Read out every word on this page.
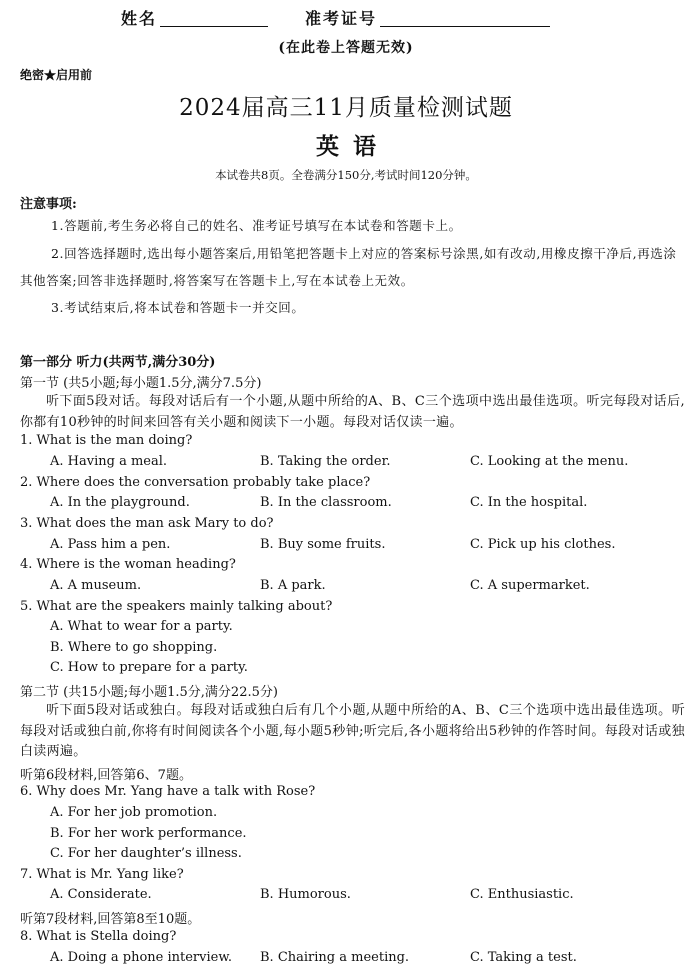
姓名	准考证号
(在此卷上答题无效)
绝密★启用前
2024届高三11月质量检测试题
英语
本试卷共8页。全卷满分150分,考试时间120分钟。
注意事项:
1.答题前,考生务必将自己的姓名、准考证号填写在本试卷和答题卡上。
2.回答选择题时,选出每小题答案后,用铅笔把答题卡上对应的答案标号涂黑,如有改动,用橡皮擦干净后,再选涂其他答案;回答非选择题时,将答案写在答题卡上,写在本试卷上无效。
3.考试结束后,将本试卷和答题卡一并交回。
第一部分 听力(共两节,满分30分)
第一节 (共5小题;每小题1.5分,满分7.5分)
听下面5段对话。每段对话后有一个小题,从题中所给的A、B、C三个选项中选出最佳选项。听完每段对话后,你都有10秒钟的时间来回答有关小题和阅读下一小题。每段对话仅读一遍。
1. What is the man doing?
A. Having a meal.	B. Taking the order.	C. Looking at the menu.
2. Where does the conversation probably take place?
A. In the playground.	B. In the classroom.	C. In the hospital.
3. What does the man ask Mary to do?
A. Pass him a pen.	B. Buy some fruits.	C. Pick up his clothes.
4. Where is the woman heading?
A. A museum.	B. A park.	C. A supermarket.
5. What are the speakers mainly talking about?
A. What to wear for a party.
B. Where to go shopping.
C. How to prepare for a party.
第二节 (共15小题;每小题1.5分,满分22.5分)
听下面5段对话或独白。每段对话或独白后有几个小题,从题中所给的A、B、C三个选项中选出最佳选项。听每段对话或独白前,你将有时间阅读各个小题,每小题5秒钟;听完后,各小题将给出5秒钟的作答时间。每段对话或独白读两遍。
听第6段材料,回答第6、7题。
6. Why does Mr. Yang have a talk with Rose?
A. For her job promotion.
B. For her work performance.
C. For her daughter’s illness.
7. What is Mr. Yang like?
A. Considerate.	B. Humorous.	C. Enthusiastic.
听第7段材料,回答第8至10题。
8. What is Stella doing?
A. Doing a phone interview. B. Chairing a meeting.	C. Taking a test.
